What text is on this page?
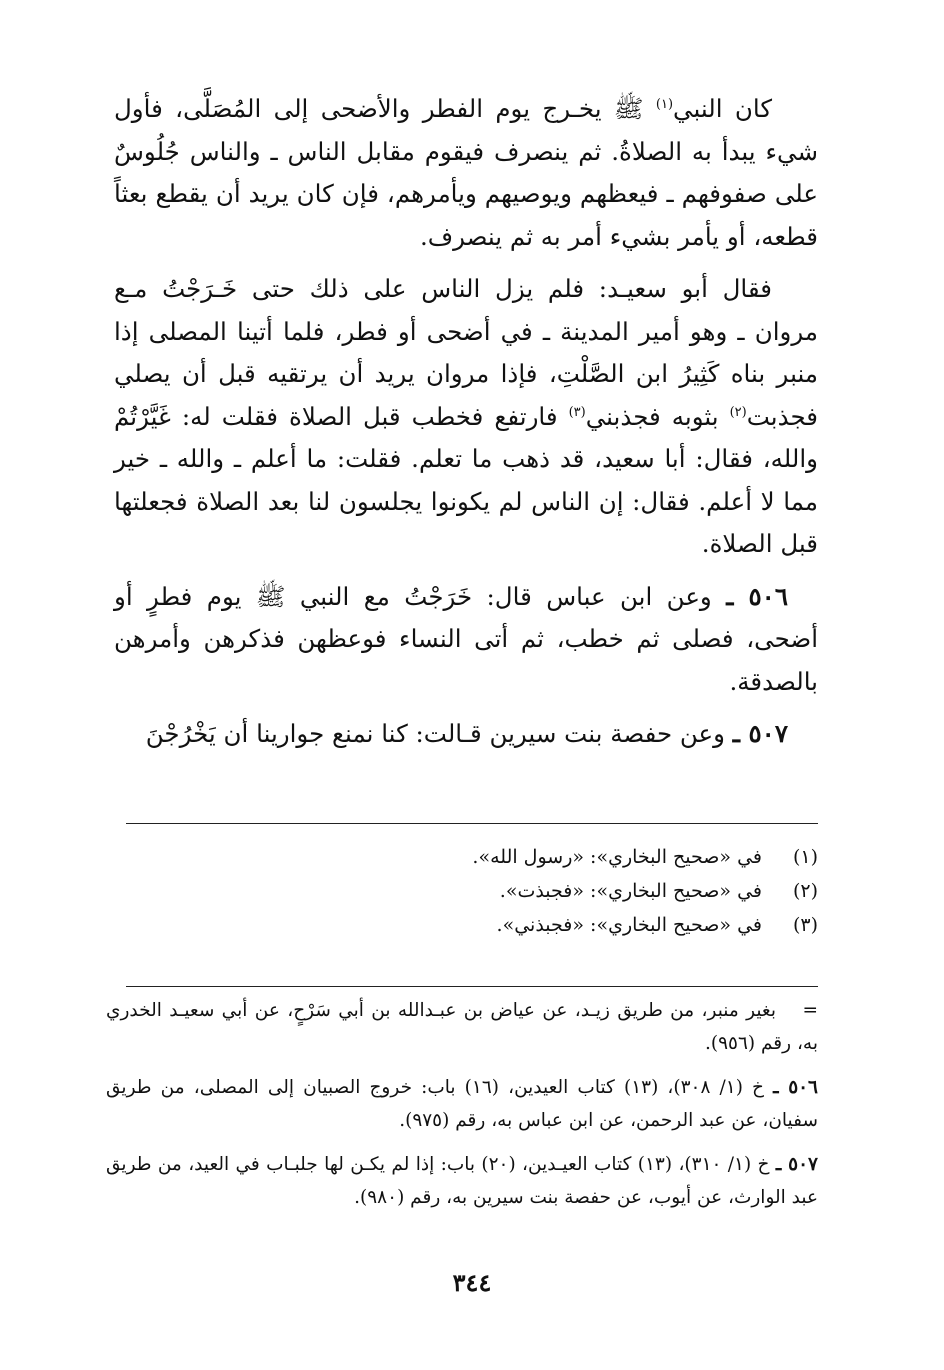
كان النبي$^{(١)}$ ﷺ يخـرج يوم الفطر والأضحى إلى المُصَلَّى، فأول شيء يبدأ به الصلاةُ. ثم ينصرف فيقوم مقابل الناس ـ والناس جُلُوسٌ على صفوفهم ـ فيعظهم ويوصيهم ويأمرهم، فإن كان يريد أن يقطع بعثاً قطعه، أو يأمر بشيء أمر به ثم ينصرف.

فقال أبو سعيـد: فلم يزل الناس على ذلك حتى خَـرَجْتُ مـع مروان ـ وهو أمير المدينة ـ في أضحى أو فطر، فلما أتينا المصلى إذا منبر بناه كَثِيرُ ابن الصَّلْتِ، فإذا مروان يريد أن يرتقيه قبل أن يصلي فجذبت$^{(٢)}$ بثوبه فجذبني$^{(٣)}$ فارتفع فخطب قبل الصلاة فقلت له: غَيَّرْتُمْ والله، فقال: أبا سعيد، قد ذهب ما تعلم. فقلت: ما أعلم ـ والله ـ خير مما لا أعلم. فقال: إن الناس لم يكونوا يجلسون لنا بعد الصلاة فجعلتها قبل الصلاة.

٥٠٦ ـ وعن ابن عباس قال: خَرَجْتُ مع النبي ﷺ يوم فطرٍ أو أضحى، فصلى ثم خطب، ثم أتى النساء فوعظهن فذكرهن وأمرهن بالصدقة.

٥٠٧ ـ وعن حفصة بنت سيرين قـالت: كنا نمنع جوارينا أن يَخْرُجْنَ

(١)في «صحيح البخاري»: «رسول الله».
(٢)في «صحيح البخاري»: «فجبذت».
(٣)في «صحيح البخاري»: «فجبذني».

=بغير منبر، من طريق زيـد، عن عياض بن عبـدالله بن أبي سَرْحٍ، عن أبي سعيـد الخدري به، رقم (٩٥٦).

٥٠٦ ـ خ (١/ ٣٠٨)، (١٣) كتاب العيدين، (١٦) باب: خروج الصبيان إلى المصلى، من طريق سفيان، عن عبد الرحمن، عن ابن عباس به، رقم (٩٧٥).

٥٠٧ ـ خ (١/ ٣١٠)، (١٣) كتاب العيـدين، (٢٠) باب: إذا لم يكـن لها جلبـاب في العيد، من طريق عبد الوارث، عن أيوب، عن حفصة بنت سيرين به، رقم (٩٨٠).

٣٤٤
